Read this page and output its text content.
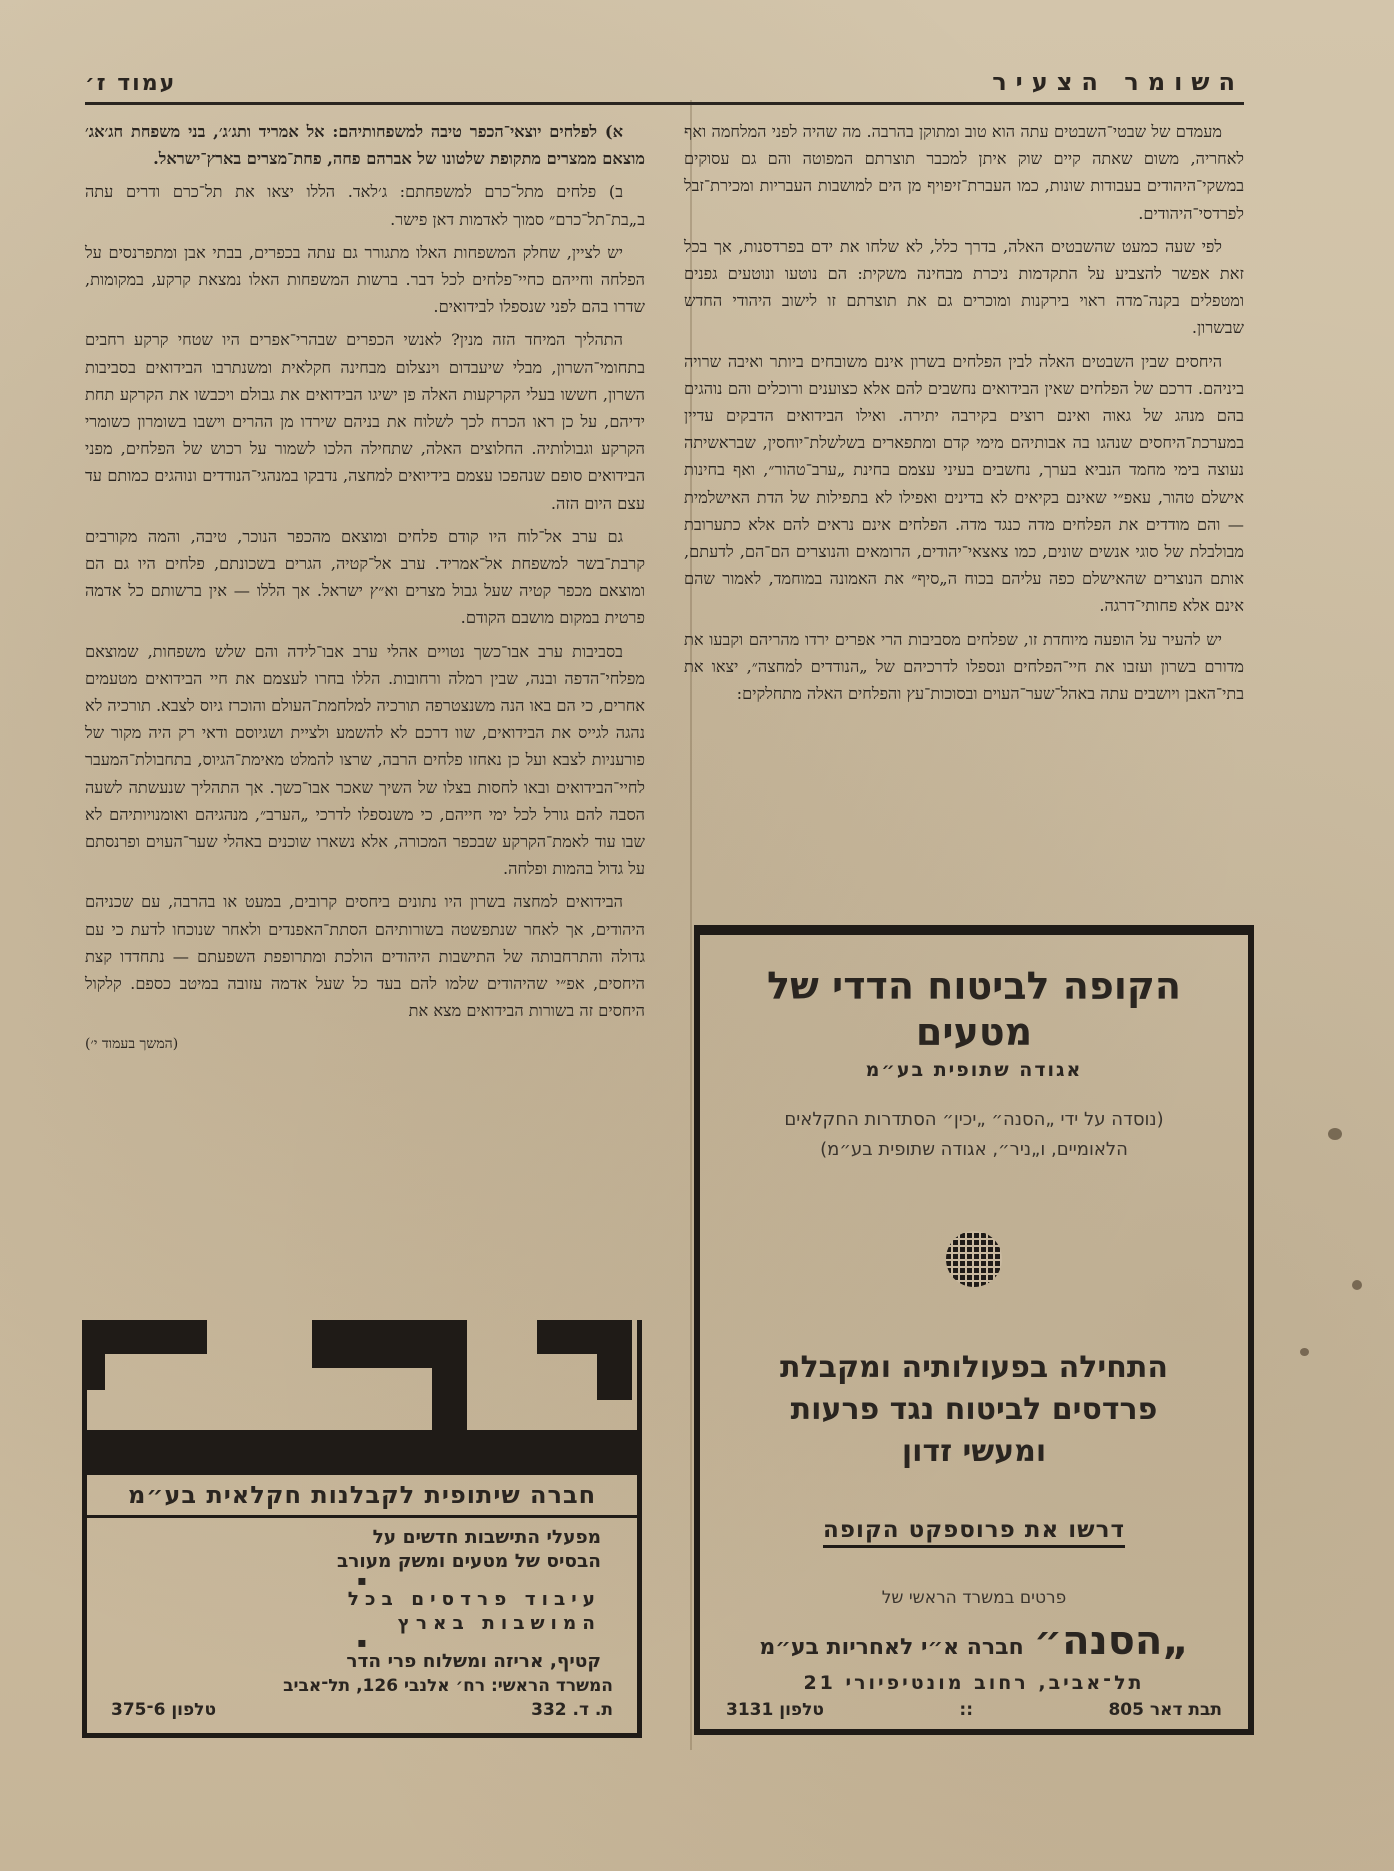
השומר הצעיר
עמוד ז׳

מעמדם של שבטי־השבטים עתה הוא טוב ומתוקן בהרבה. מה שהיה לפני המלחמה ואף לאחריה, משום שאתה קיים שוק איתן למכבר תוצרתם המפוטה והם גם עסוקים במשקי־היהודים בעבודות שונות, כמו העברת־זיפויף מן הים למושבות העבריות ומכירת־זבל לפרדסי־היהודים.

לפי שעה כמעט שהשבטים האלה, בדרך כלל, לא שלחו את ידם בפרדסנות, אך בכל זאת אפשר להצביע על התקדמות ניכרת מבחינה משקית: הם נוטעו ונוטעים גפנים ומטפלים בקנה־מדה ראוי בירקנות ומוכרים גם את תוצרתם זו לישוב היהודי החדש שבשרון.

היחסים שבין השבטים האלה לבין הפלחים בשרון אינם משובחים ביותר ואיבה שרויה ביניהם. דרכם של הפלחים שאין הבידואים נחשבים להם אלא כצוענים ורוכלים והם נוהגים בהם מנהג של גאוה ואינם רוצים בקירבה יתירה. ואילו הבידואים הדבקים עדיין במערכת־היחסים שנהגו בה אבותיהם מימי קדם ומתפארים בשלשלת־יוחסין, שבראשיתה נעוצה בימי מחמד הנביא בערך, נחשבים בעיני עצמם בחינת „ערב־טהור״, ואף בחינות אישלם טהור, עאפ״י שאינם בקיאים לא בדינים ואפילו לא בתפילות של הדת האישלמית — והם מודדים את הפלחים מדה כנגד מדה. הפלחים אינם נראים להם אלא כתערובת מבולבלת של סוגי אנשים שונים, כמו צאצאי־יהודים, הרומאים והנוצרים הם־הם, לדעתם, אותם הנוצרים שהאישלם כפה עליהם בכוח ה„סיף״ את האמונה במוחמד, לאמור שהם אינם אלא פחותי־דרגה.

יש להעיר על הופעה מיוחדת זו, שפלחים מסביבות הרי אפרים ירדו מהריהם וקבעו את מדורם בשרון ועזבו את חיי־הפלחים ונספלו לדרכיהם של „הנודדים למחצה״, יצאו את בתי־האבן ויושבים עתה באהל־שער־העוים ובסוכות־עץ והפלחים האלה מתחלקים:

א) לפלחים יוצאי־הכפר טיבה למשפחותיהם: אל אמריד ותג׳ג׳, בני משפחת חג׳אג׳ מוצאם ממצרים מתקופת שלטונו של אברהם פחה, פחת־מצרים בארץ־ישראל.

ב) פלחים מתל־כרם למשפחתם: ג׳לאד. הללו יצאו את תל־כרם ודרים עתה ב„בת־תל־כרם״ סמוך לאדמות דאן פישר.

יש לציין, שחלק המשפחות האלו מתגורר גם עתה בכפרים, בבתי אבן ומתפרנסים על הפלחה וחייהם כחיי־פלחים לכל דבר. ברשות המשפחות האלו נמצאת קרקע, במקומות, שדרו בהם לפני שנספלו לבידואים.

התהליך המיחד הזה מנין? לאנשי הכפרים שבהרי־אפרים היו שטחי קרקע רחבים בתחומי־השרון, מבלי שיעבדום וינצלום מבחינה חקלאית ומשנתרבו הבידואים בסביבות השרון, חששו בעלי הקרקעות האלה פן ישיגו הבידואים את גבולם ויכבשו את הקרקע תחת ידיהם, על כן ראו הכרח לכך לשלוח את בניהם שירדו מן ההרים וישבו בשומרון כשומרי הקרקע וגבולותיה. החלוצים האלה, שתחילה הלכו לשמור על רכוש של הפלחים, מפני הבידואים סופם שנהפכו עצמם בידיואים למחצה, נדבקו במנהגי־הנודדים ונוהגים כמותם עד עצם היום הזה.

גם ערב אל־לוח היו קודם פלחים ומוצאם מהכפר הנוכר, טיבה, והמה מקורבים קרבת־בשר למשפחת אל־אמריד. ערב אל־קטיה, הגרים בשכונתם, פלחים היו גם הם ומוצאם מכפר קטיה שעל גבול מצרים וא״ץ ישראל. אך הללו — אין ברשותם כל אדמה פרטית במקום מושבם הקודם.

בסביבות ערב אבו־כשך נטויים אהלי ערב אבו־לידה והם שלש משפחות, שמוצאם מפלחי־הדפה ובנה, שבין רמלה ורחובות. הללו בחרו לעצמם את חיי הבידואים מטעמים אחרים, כי הם באו הנה משנצטרפה תורכיה למלחמת־העולם והוכרז גיוס לצבא. תורכיה לא נהגה לגייס את הבידואים, שוו דרכם לא להשמע ולציית ושגיוסם ודאי רק היה מקור של פורעניות לצבא ועל כן נאחזו פלחים הרבה, שרצו להמלט מאימת־הגיוס, בתחבולת־המעבר לחיי־הבידואים ובאו לחסות בצלו של השיך שאכר אבו־כשך. אך התהליך שנעשתה לשעה הסבה להם גורל לכל ימי חייהם, כי משנספלו לדרכי „הערב״, מנהגיהם ואומנויותיהם לא שבו עוד לאמת־הקרקע שבכפר המכורה, אלא נשארו שוכנים באהלי שער־העוים ופרנסתם על גדול בהמות ופלחה.

הבידואים למחצה בשרון היו נתונים ביחסים קרובים, במעט או בהרבה, עם שכניהם היהודים, אך לאחר שנתפשטה בשורותיהם הסתת־האפנדים ולאחר שנוכחו לדעת כי עם גדולה והתרחבותה של התישבות היהודים הולכת ומתרופפת השפעתם — נתחדדו קצת היחסים, אפ״י שהיהודים שלמו להם בעד כל שעל אדמה עזובה במיטב כספם. קלקול היחסים זה בשורות הבידואים מצא את

(המשך בעמוד י׳)

הקופה לביטוח הדדי של מטעים
אגודה שתופית בע״מ
(נוסדה על ידי „הסנה״ „יכין״ הסתדרות החקלאים
הלאומיים, ו„ניר״, אגודה שתופית בע״מ)
התחילה בפעולותיה ומקבלת
פרדסים לביטוח נגד פרעות
ומעשי זדון
דרשו את פרוספקט הקופה
פרטים במשרד הראשי של
„הסנה״
חברה א״י לאחריות בע״מ
תל־אביב, רחוב מונטיפיורי 21
תבת דאר 805
::
טלפון 3131
חברה שיתופית לקבלנות חקלאית בע״מ
מפעלי התישבות חדשים על
הבסיס של מטעים ומשק מעורב
▪
עיבוד פרדסים בכל
המושבות בארץ
▪
קטיף, אריזה ומשלוח פרי הדר
המשרד הראשי: רח׳ אלנבי 126, תל־אביב
ת. ד. 332
טלפון 6־375
